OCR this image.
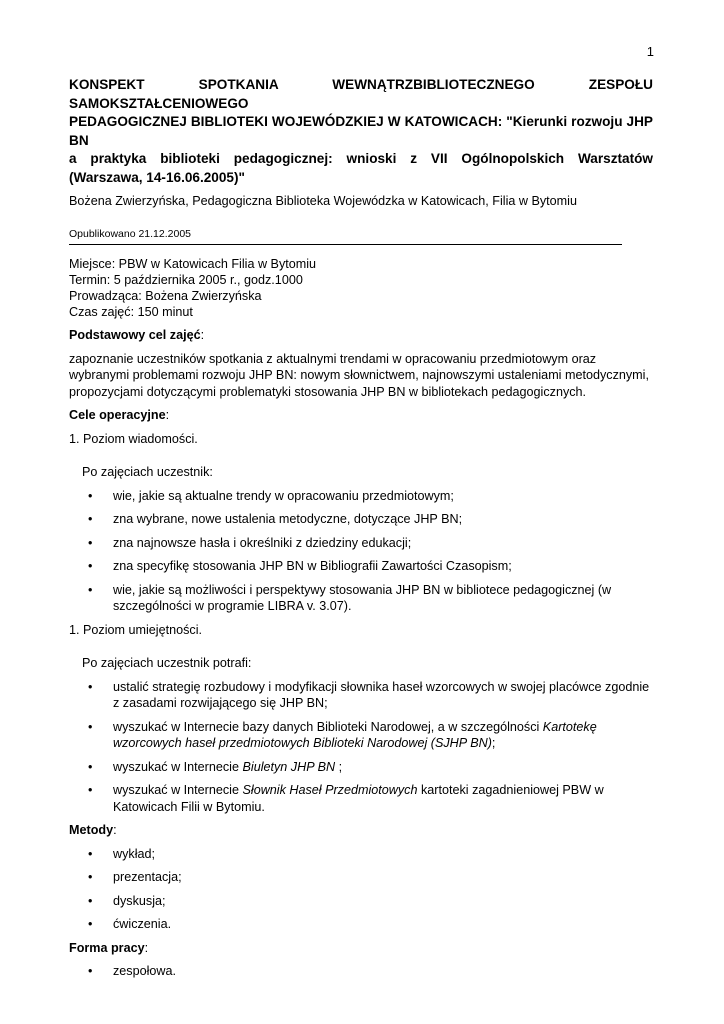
1
KONSPEKT SPOTKANIA WEWNĄTRZBIBLIOTECZNEGO ZESPOŁU SAMOKSZTAŁCENIOWEGO
PEDAGOGICZNEJ BIBLIOTEKI WOJEWÓDZKIEJ W KATOWICACH: "Kierunki rozwoju JHP BN
a praktyka biblioteki pedagogicznej: wnioski z VII Ogólnopolskich Warsztatów
(Warszawa, 14-16.06.2005)"
Bożena Zwierzyńska, Pedagogiczna Biblioteka Wojewódzka w Katowicach, Filia w Bytomiu
Opublikowano 21.12.2005
Miejsce: PBW w Katowicach Filia w Bytomiu
Termin: 5 października 2005 r., godz.1000
Prowadząca: Bożena Zwierzyńska
Czas zajęć: 150 minut
Podstawowy cel zajęć:

zapoznanie uczestników spotkania z aktualnymi trendami w opracowaniu przedmiotowym oraz wybranymi problemami rozwoju JHP BN: nowym słownictwem, najnowszymi ustaleniami metodycznymi, propozycjami dotyczącymi problematyki stosowania JHP BN w bibliotekach pedagogicznych.

Cele operacyjne:
1. Poziom wiadomości.
Po zajęciach uczestnik:
• wie, jakie są aktualne trendy w opracowaniu przedmiotowym;
• zna wybrane, nowe ustalenia metodyczne, dotyczące JHP BN;
• zna najnowsze hasła i określniki z dziedziny edukacji;
• zna specyfikę stosowania JHP BN w Bibliografii Zawartości Czasopism;
• wie, jakie są możliwości i perspektywy stosowania JHP BN w bibliotece pedagogicznej (w szczególności w programie LIBRA v. 3.07).
1. Poziom umiejętności.
Po zajęciach uczestnik potrafi:
• ustalić strategię rozbudowy i modyfikacji słownika haseł wzorcowych w swojej placówce zgodnie z zasadami rozwijającego się JHP BN;
• wyszukać w Internecie bazy danych Biblioteki Narodowej, a w szczególności Kartotekę wzorcowych haseł przedmiotowych Biblioteki Narodowej (SJHP BN);
• wyszukać w Internecie Biuletyn JHP BN ;
• wyszukać w Internecie Słownik Haseł Przedmiotowych kartoteki zagadnieniowej PBW w Katowicach Filii w Bytomiu.
Metody:
• wykład;
• prezentacja;
• dyskusja;
• ćwiczenia.
Forma pracy:
• zespołowa.
